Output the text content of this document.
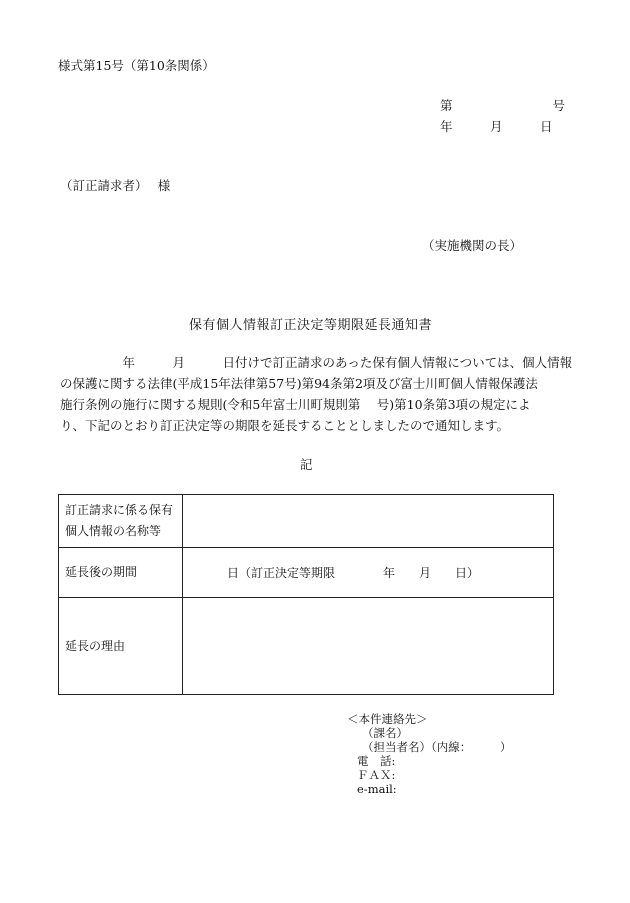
様式第15号（第10条関係）
第　　　　　　　　号
年　　　月　　　日
（訂正請求者）　 様
（実施機関の長）
保有個人情報訂正決定等期限延長通知書
　　　　　年　　　月　　　日付けで訂正請求のあった保有個人情報については、個人情報
の保護に関する法律(平成15年法律第57号)第94条第2項及び富士川町個人情報保護法
施行条例の施行に関する規則(令和5年富士川町規則第　 号)第10条第3項の規定によ
り、下記のとおり訂正決定等の期限を延長することとしましたので通知します。
記
訂正請求に係る保有
個人情報の名称等	
延長後の期間	日（訂正決定等期限　　　　年　　月　　日）
延長の理由	
＜本件連絡先＞
（課名）
（担当者名）（内線：　　　）
電　話:
ＦＡＸ:
e-mail:
